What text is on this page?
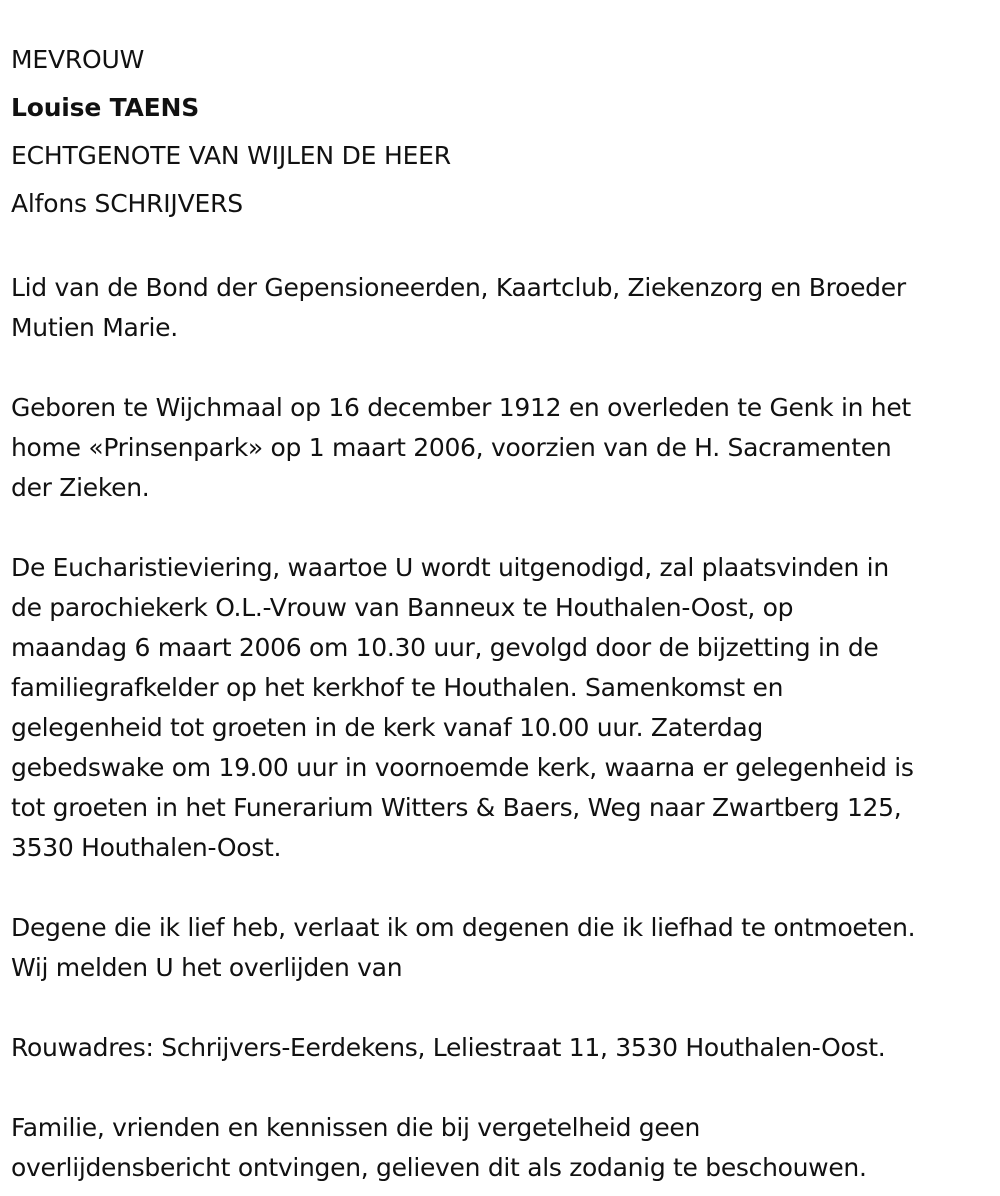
MEVROUW
Louise TAENS
ECHTGENOTE VAN WIJLEN DE HEER
Alfons SCHRIJVERS

Lid van de Bond der Gepensioneerden, Kaartclub, Ziekenzorg en Broeder
Mutien Marie.

Geboren te Wijchmaal op 16 december 1912 en overleden te Genk in het
home «Prinsenpark» op 1 maart 2006, voorzien van de H. Sacramenten
der Zieken.

De Eucharistieviering, waartoe U wordt uitgenodigd, zal plaatsvinden in
de parochiekerk O.L.-Vrouw van Banneux te Houthalen-Oost, op
maandag 6 maart 2006 om 10.30 uur, gevolgd door de bijzetting in de
familiegrafkelder op het kerkhof te Houthalen. Samenkomst en
gelegenheid tot groeten in de kerk vanaf 10.00 uur. Zaterdag
gebedswake om 19.00 uur in voornoemde kerk, waarna er gelegenheid is
tot groeten in het Funerarium Witters & Baers, Weg naar Zwartberg 125,
3530 Houthalen-Oost.

Degene die ik lief heb, verlaat ik om degenen die ik liefhad te ontmoeten.
Wij melden U het overlijden van

Rouwadres: Schrijvers-Eerdekens, Leliestraat 11, 3530 Houthalen-Oost.

Familie, vrienden en kennissen die bij vergetelheid geen
overlijdensbericht ontvingen, gelieven dit als zodanig te beschouwen.
